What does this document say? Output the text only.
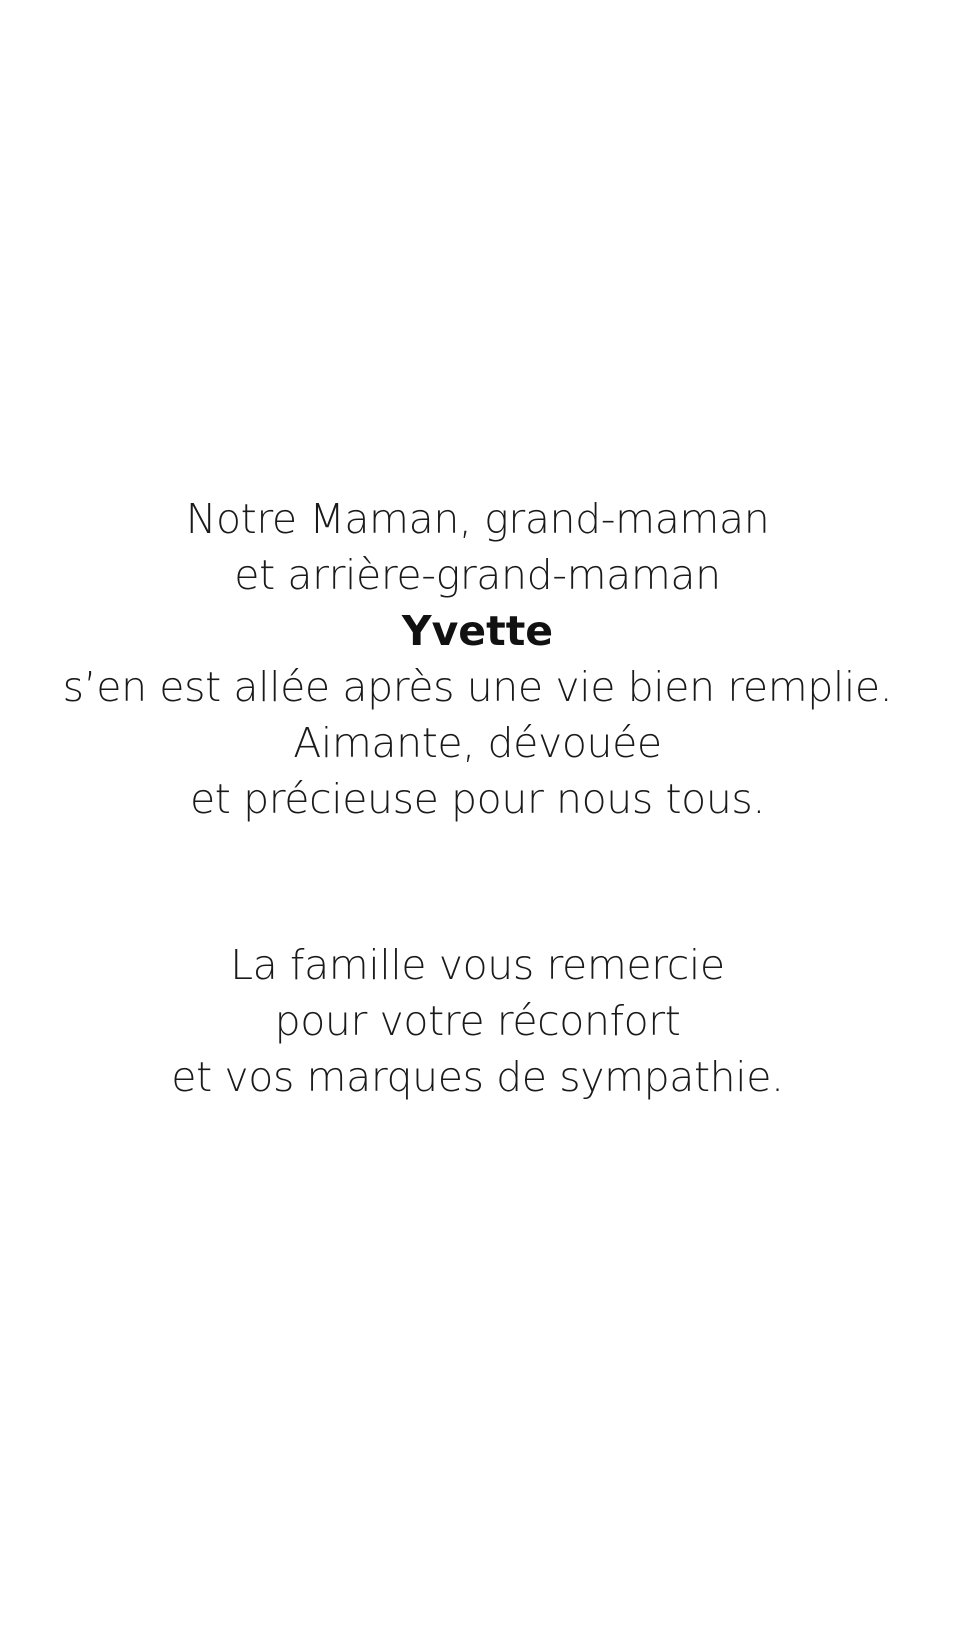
Notre Maman, grand-maman
et arrière-grand-maman
Yvette
s’en est allée après une vie bien remplie.
Aimante, dévouée
et précieuse pour nous tous.
La famille vous remercie
pour votre réconfort
et vos marques de sympathie.
